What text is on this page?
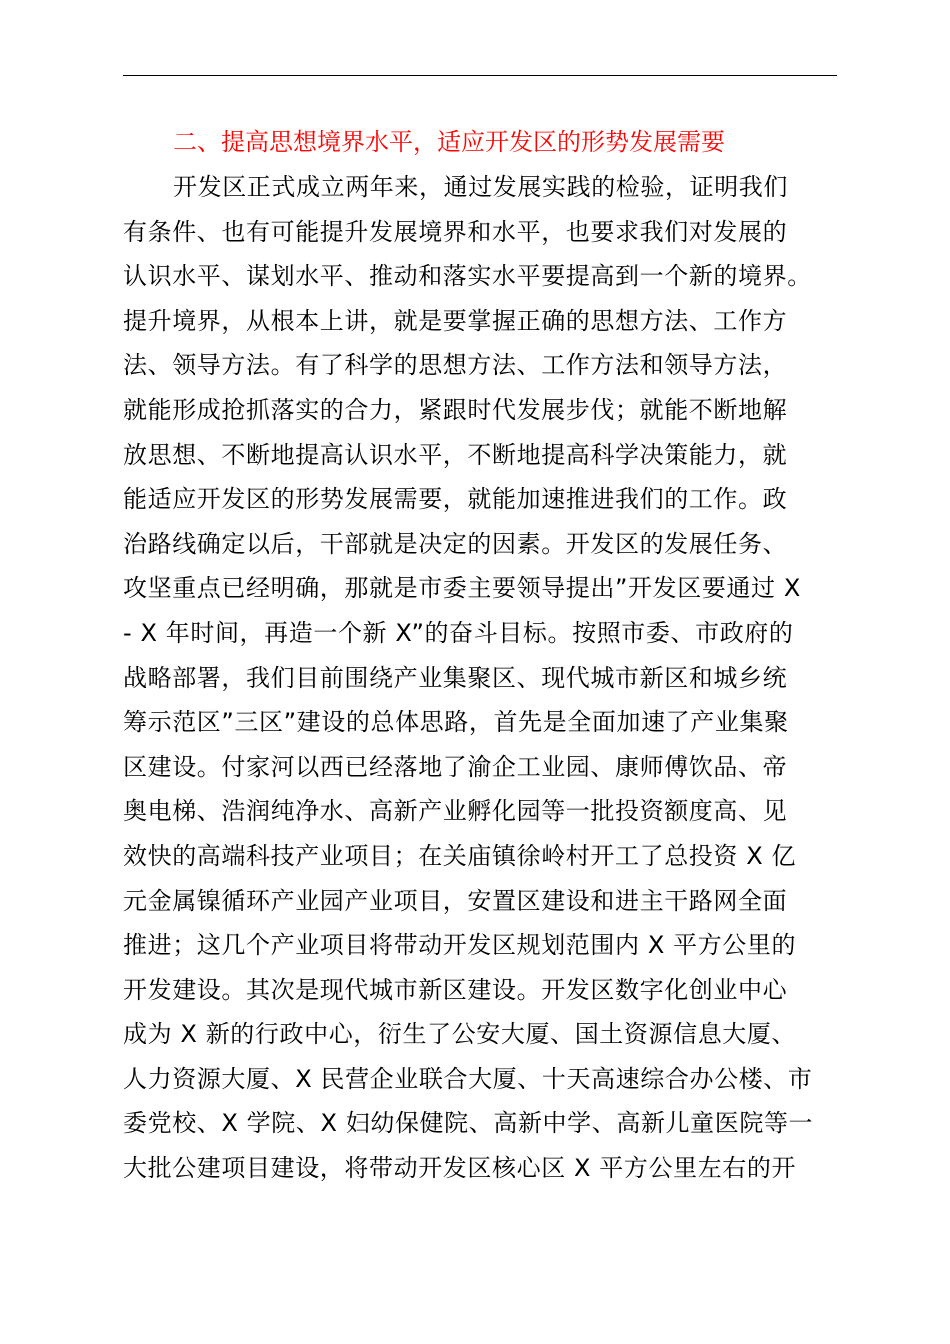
二、提高思想境界水平，适应开发区的形势发展需要
开发区正式成立两年来，通过发展实践的检验，证明我们
有条件、也有可能提升发展境界和水平，也要求我们对发展的
认识水平、谋划水平、推动和落实水平要提高到一个新的境界。
提升境界，从根本上讲，就是要掌握正确的思想方法、工作方
法、领导方法。有了科学的思想方法、工作方法和领导方法，
就能形成抢抓落实的合力，紧跟时代发展步伐；就能不断地解
放思想、不断地提高认识水平，不断地提高科学决策能力，就
能适应开发区的形势发展需要，就能加速推进我们的工作。政
治路线确定以后，干部就是决定的因素。开发区的发展任务、
攻坚重点已经明确，那就是市委主要领导提出”开发区要通过 X
- X 年时间，再造一个新 X”的奋斗目标。按照市委、市政府的
战略部署，我们目前围绕产业集聚区、现代城市新区和城乡统
筹示范区”三区”建设的总体思路，首先是全面加速了产业集聚
区建设。付家河以西已经落地了渝企工业园、康师傅饮品、帝
奥电梯、浩润纯净水、高新产业孵化园等一批投资额度高、见
效快的高端科技产业项目；在关庙镇徐岭村开工了总投资 X 亿
元金属镍循环产业园产业项目，安置区建设和进主干路网全面
推进；这几个产业项目将带动开发区规划范围内 X 平方公里的
开发建设。其次是现代城市新区建设。开发区数字化创业中心
成为 X 新的行政中心，衍生了公安大厦、国土资源信息大厦、
人力资源大厦、X 民营企业联合大厦、十天高速综合办公楼、市
委党校、X 学院、X 妇幼保健院、高新中学、高新儿童医院等一
大批公建项目建设，将带动开发区核心区 X 平方公里左右的开
